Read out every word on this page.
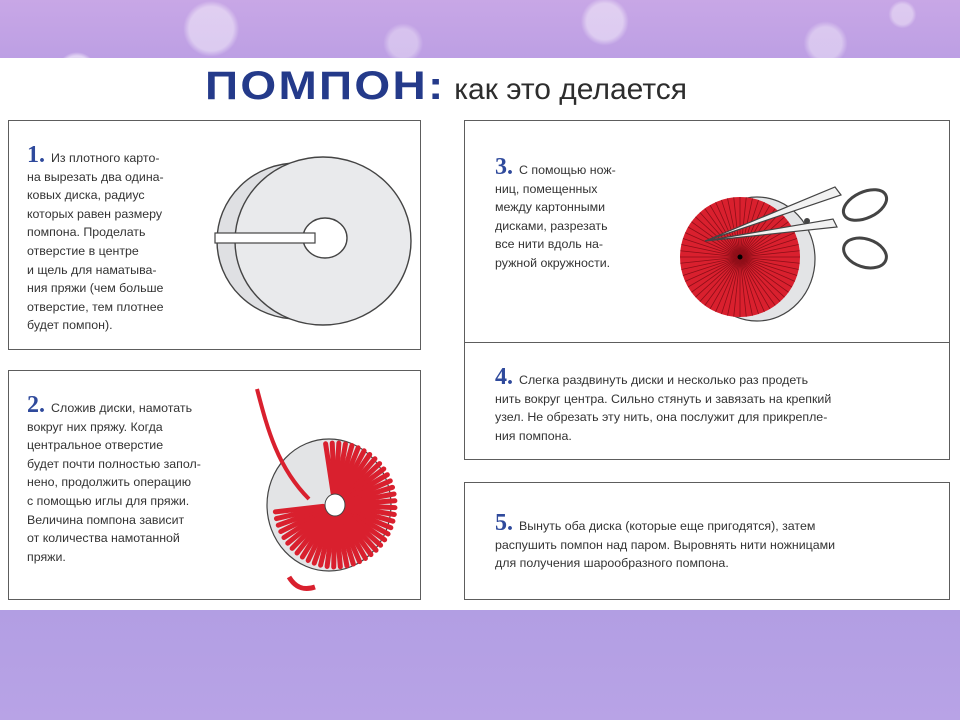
ПОМПОН: как это делается
1. Из плотного карто-
на вырезать два одина-
ковых диска, радиус
которых равен размеру
помпона. Проделать
отверстие в центре
и щель для наматыва-
ния пряжи (чем больше
отверстие, тем плотнее
будет помпон).
2. Сложив диски, намотать
вокруг них пряжу. Когда
центральное отверстие
будет почти полностью запол-
нено, продолжить операцию
с помощью иглы для пряжи.
Величина помпона зависит
от количества намотанной
пряжи.
3. С помощью нож-
ниц, помещенных
между картонными
дисками, разрезать
все нити вдоль на-
ружной окружности.
4. Слегка раздвинуть диски и несколько раз продеть
нить вокруг центра. Сильно стянуть и завязать на крепкий
узел. Не обрезать эту нить, она послужит для прикрепле-
ния помпона.
5. Вынуть оба диска (которые еще пригодятся), затем
распушить помпон над паром. Выровнять нити ножницами
для получения шарообразного помпона.
